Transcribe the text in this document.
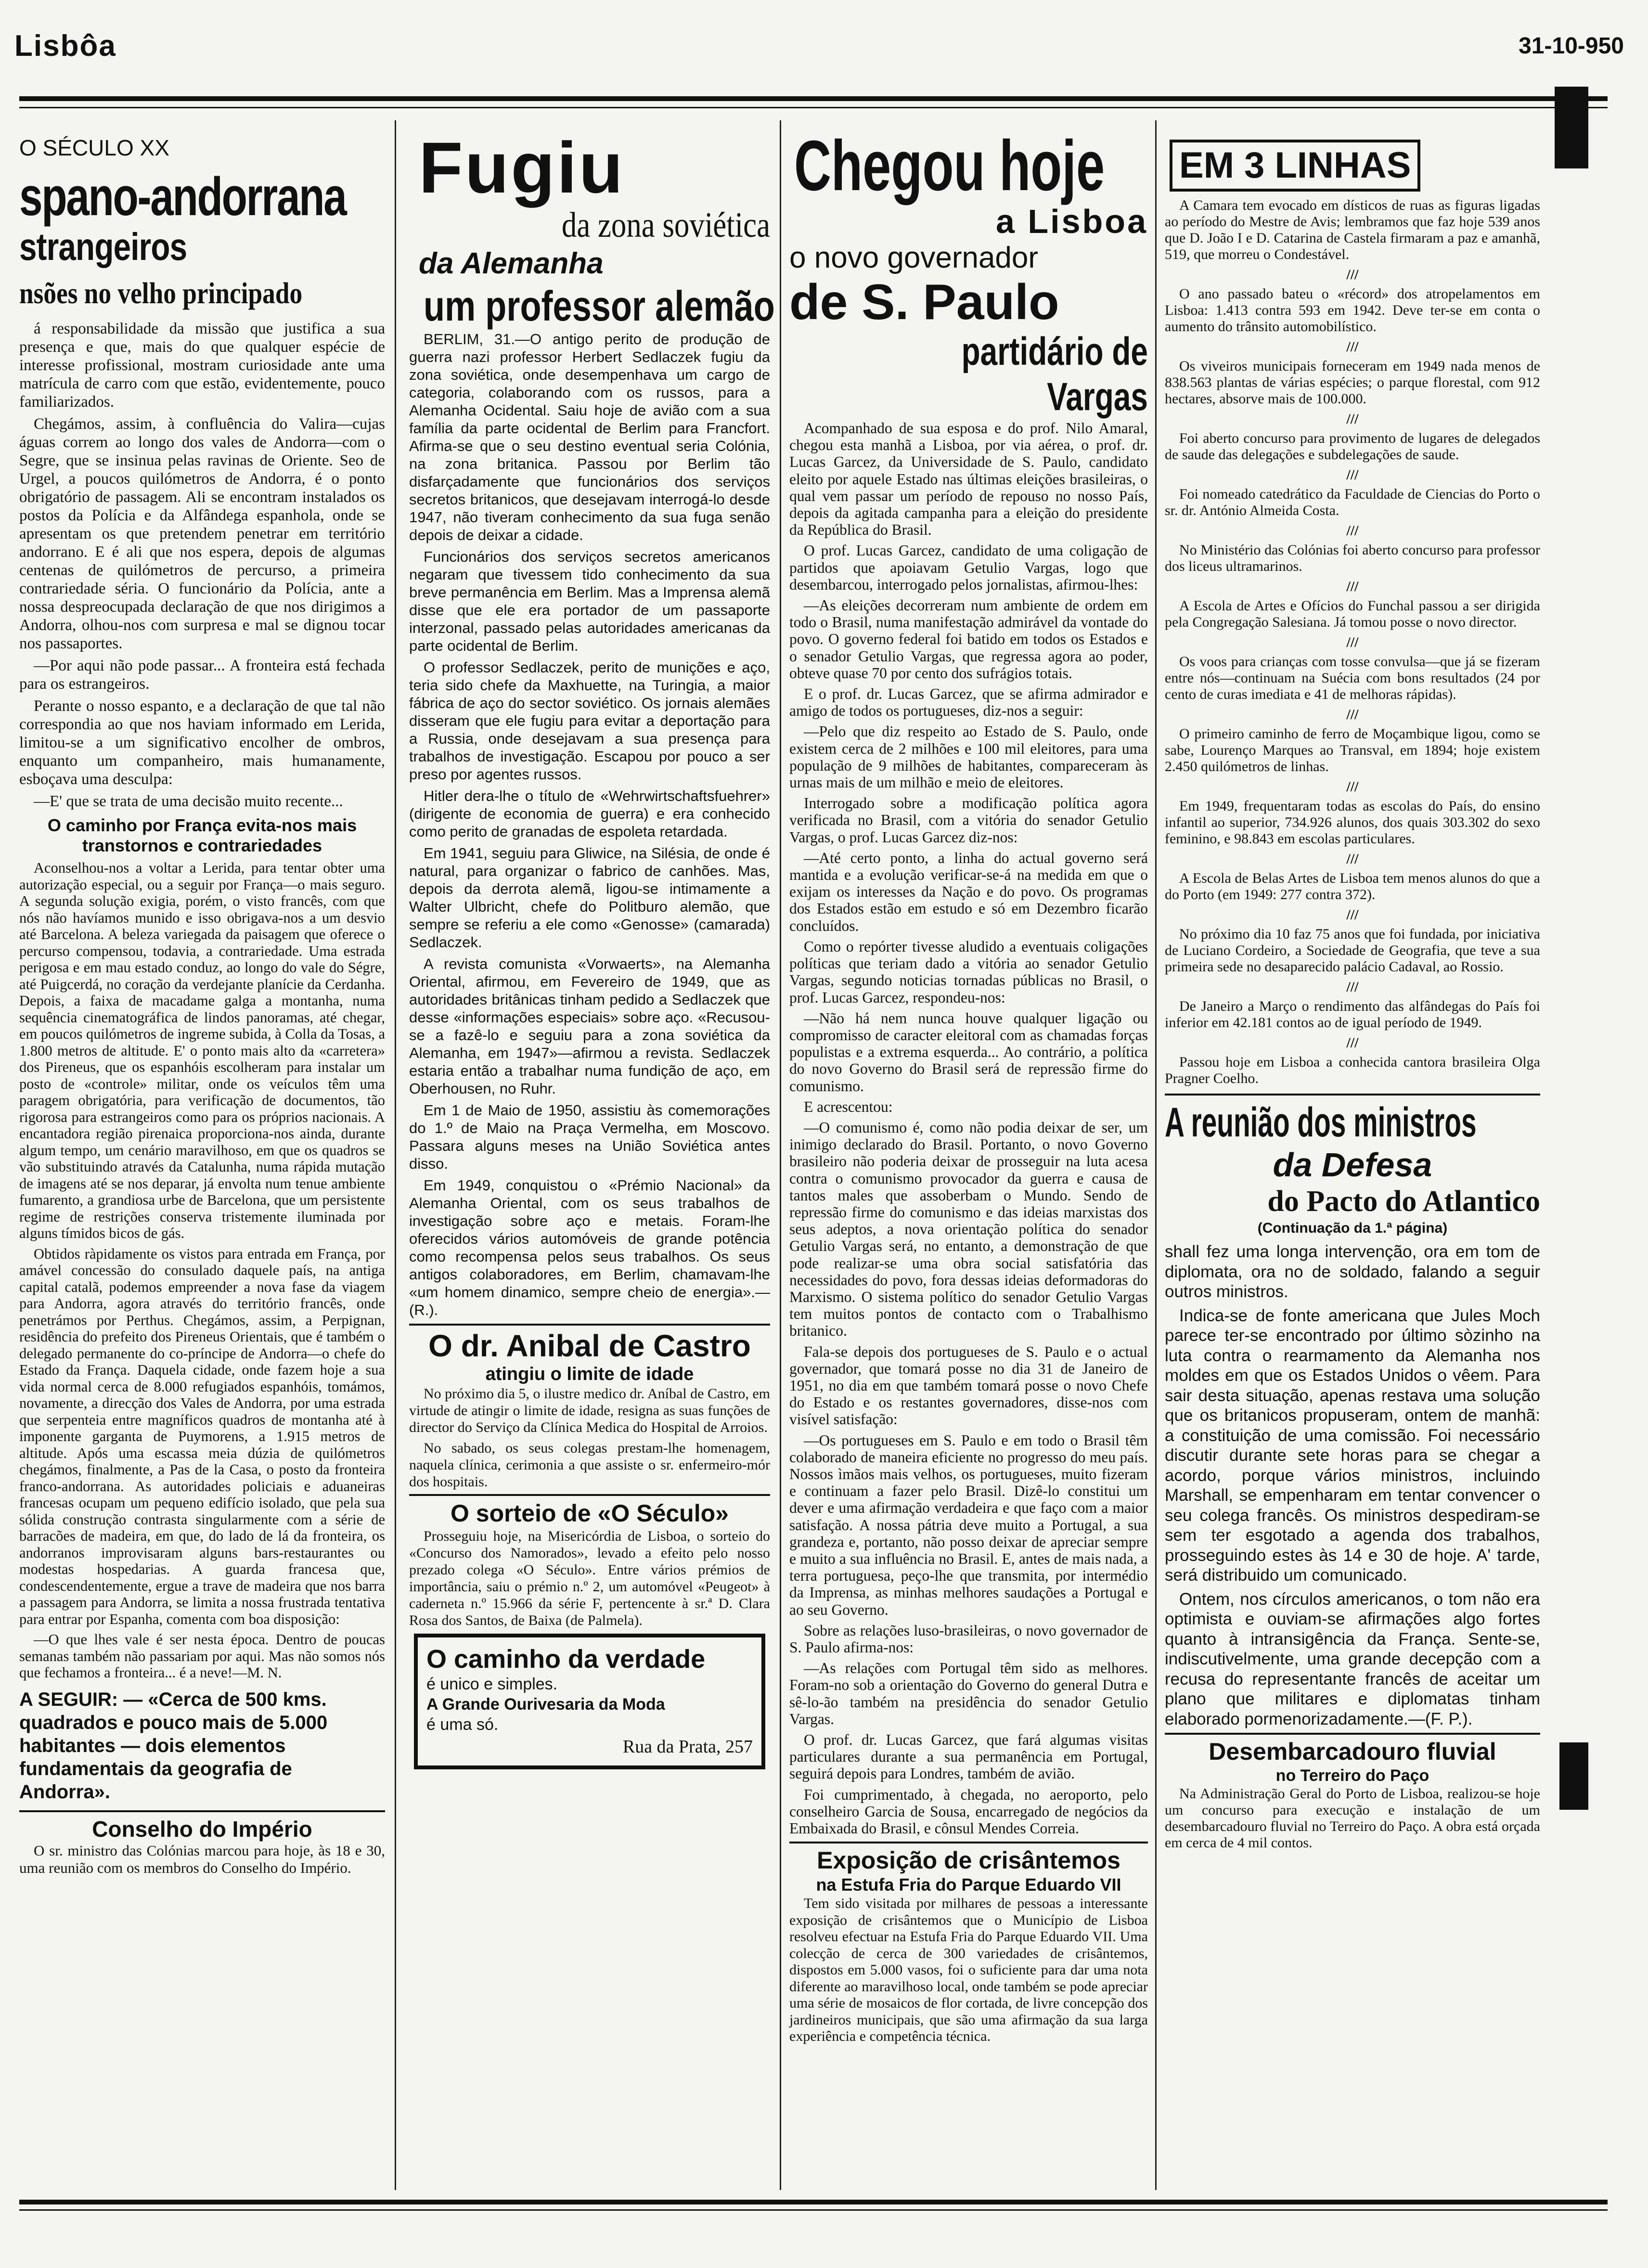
Lisbôa	31-10-950
O SÉCULO XX
spano-andorrana
strangeiros
nsões no velho principado

á responsabilidade da missão que justifica a sua presença e que, mais do que qualquer espécie de interesse profissional, mostram curiosidade ante uma matrícula de carro com que estão, evidentemente, pouco familiarizados.

Chegámos, assim, à confluência do Valira—cujas águas correm ao longo dos vales de Andorra—com o Segre, que se insinua pelas ravinas de Oriente. Seo de Urgel, a poucos quilómetros de Andorra, é o ponto obrigatório de passagem. Ali se encontram instalados os postos da Polícia e da Alfândega espanhola, onde se apresentam os que pretendem penetrar em território andorrano. E é ali que nos espera, depois de algumas centenas de quilómetros de percurso, a primeira contrariedade séria. O funcionário da Polícia, ante a nossa despreocupada declaração de que nos dirigimos a Andorra, olhou-nos com surpresa e mal se dignou tocar nos passaportes.

—Por aqui não pode passar... A fronteira está fechada para os estrangeiros.

Perante o nosso espanto, e a declaração de que tal não correspondia ao que nos haviam informado em Lerida, limitou-se a um significativo encolher de ombros, enquanto um companheiro, mais humanamente, esboçava uma desculpa:

—E' que se trata de uma decisão muito recente...

O caminho por França evita-nos mais transtornos e contrariedades

Aconselhou-nos a voltar a Lerida, para tentar obter uma autorização especial, ou a seguir por França—o mais seguro. A segunda solução exigia, porém, o visto francês, com que nós não havíamos munido e isso obrigava-nos a um desvio até Barcelona. A beleza variegada da paisagem que oferece o percurso compensou, todavia, a contrariedade. Uma estrada perigosa e em mau estado conduz, ao longo do vale do Ségre, até Puigcerdá, no coração da verdejante planície da Cerdanha. Depois, a faixa de macadame galga a montanha, numa sequência cinematográfica de lindos panoramas, até chegar, em poucos quilómetros de ingreme subida, à Colla da Tosas, a 1.800 metros de altitude. E' o ponto mais alto da «carretera» dos Pireneus, que os espanhóis escolheram para instalar um posto de «controle» militar, onde os veículos têm uma paragem obrigatória, para verificação de documentos, tão rigorosa para estrangeiros como para os próprios nacionais. A encantadora região pirenaica proporciona-nos ainda, durante algum tempo, um cenário maravilhoso, em que os quadros se vão substituindo através da Catalunha, numa rápida mutação de imagens até se nos deparar, já envolta num tenue ambiente fumarento, a grandiosa urbe de Barcelona, que um persistente regime de restrições conserva tristemente iluminada por alguns tímidos bicos de gás.

Obtidos ràpidamente os vistos para entrada em França, por amável concessão do consulado daquele país, na antiga capital catalã, podemos empreender a nova fase da viagem para Andorra, agora através do território francês, onde penetrámos por Perthus. Chegámos, assim, a Perpignan, residência do prefeito dos Pireneus Orientais, que é também o delegado permanente do co-príncipe de Andorra—o chefe do Estado da França. Daquela cidade, onde fazem hoje a sua vida normal cerca de 8.000 refugiados espanhóis, tomámos, novamente, a direcção dos Vales de Andorra, por uma estrada que serpenteia entre magníficos quadros de montanha até à imponente garganta de Puymorens, a 1.915 metros de altitude. Após uma escassa meia dúzia de quilómetros chegámos, finalmente, a Pas de la Casa, o posto da fronteira franco-andorrana. As autoridades policiais e aduaneiras francesas ocupam um pequeno edifício isolado, que pela sua sólida construção contrasta singularmente com a série de barracões de madeira, em que, do lado de lá da fronteira, os andorranos improvisaram alguns bars-restaurantes ou modestas hospedarias. A guarda francesa que, condescendentemente, ergue a trave de madeira que nos barra a passagem para Andorra, se limita a nossa frustrada tentativa para entrar por Espanha, comenta com boa disposição:

—O que lhes vale é ser nesta época. Dentro de poucas semanas também não passariam por aqui. Mas não somos nós que fechamos a fronteira... é a neve!—M. N.

A SEGUIR: — «Cerca de 500 kms. quadrados e pouco mais de 5.000 habitantes — dois elementos fundamentais da geografia de Andorra».
Conselho do Império

O sr. ministro das Colónias marcou para hoje, às 18 e 30, uma reunião com os membros do Conselho do Império.

Fugiu
da zona soviética
da Alemanha
um professor alemão

BERLIM, 31.—O antigo perito de produção de guerra nazi professor Herbert Sedlaczek fugiu da zona soviética, onde desempenhava um cargo de categoria, colaborando com os russos, para a Alemanha Ocidental. Saiu hoje de avião com a sua família da parte ocidental de Berlim para Francfort. Afirma-se que o seu destino eventual seria Colónia, na zona britanica. Passou por Berlim tão disfarçadamente que funcionários dos serviços secretos britanicos, que desejavam interrogá-lo desde 1947, não tiveram conhecimento da sua fuga senão depois de deixar a cidade.

Funcionários dos serviços secretos americanos negaram que tivessem tido conhecimento da sua breve permanência em Berlim. Mas a Imprensa alemã disse que ele era portador de um passaporte interzonal, passado pelas autoridades americanas da parte ocidental de Berlim.

O professor Sedlaczek, perito de munições e aço, teria sido chefe da Maxhuette, na Turingia, a maior fábrica de aço do sector soviético. Os jornais alemães disseram que ele fugiu para evitar a deportação para a Russia, onde desejavam a sua presença para trabalhos de investigação. Escapou por pouco a ser preso por agentes russos.

Hitler dera-lhe o título de «Wehrwirtschaftsfuehrer» (dirigente de economia de guerra) e era conhecido como perito de granadas de espoleta retardada.

Em 1941, seguiu para Gliwice, na Silésia, de onde é natural, para organizar o fabrico de canhões. Mas, depois da derrota alemã, ligou-se intimamente a Walter Ulbricht, chefe do Politburo alemão, que sempre se referiu a ele como «Genosse» (camarada) Sedlaczek.

A revista comunista «Vorwaerts», na Alemanha Oriental, afirmou, em Fevereiro de 1949, que as autoridades britânicas tinham pedido a Sedlaczek que desse «informações especiais» sobre aço. «Recusou-se a fazê-lo e seguiu para a zona soviética da Alemanha, em 1947»—afirmou a revista. Sedlaczek estaria então a trabalhar numa fundição de aço, em Oberhousen, no Ruhr.

Em 1 de Maio de 1950, assistiu às comemorações do 1.º de Maio na Praça Vermelha, em Moscovo. Passara alguns meses na União Soviética antes disso.

Em 1949, conquistou o «Prémio Nacional» da Alemanha Oriental, com os seus trabalhos de investigação sobre aço e metais. Foram-lhe oferecidos vários automóveis de grande potência como recompensa pelos seus trabalhos. Os seus antigos colaboradores, em Berlim, chamavam-lhe «um homem dinamico, sempre cheio de energia».—(R.).

O dr. Anibal de Castro
atingiu o limite de idade

No próximo dia 5, o ilustre medico dr. Aníbal de Castro, em virtude de atingir o limite de idade, resigna as suas funções de director do Serviço da Clínica Medica do Hospital de Arroios.

No sabado, os seus colegas prestam-lhe homenagem, naquela clínica, cerimonia a que assiste o sr. enfermeiro-mór dos hospitais.

O sorteio de «O Século»

Prosseguiu hoje, na Misericórdia de Lisboa, o sorteio do «Concurso dos Namorados», levado a efeito pelo nosso prezado colega «O Século». Entre vários prémios de importância, saiu o prémio n.º 2, um automóvel «Peugeot» à caderneta n.º 15.966 da série F, pertencente à sr.ª D. Clara Rosa dos Santos, de Baixa (de Palmela).

O caminho da verdade
é unico e simples.
A Grande Ourivesaria da Moda
é uma só.
Rua da Prata, 257
Chegou hoje
a Lisboa
o novo governador
de S. Paulo
partidário de Vargas

Acompanhado de sua esposa e do prof. Nilo Amaral, chegou esta manhã a Lisboa, por via aérea, o prof. dr. Lucas Garcez, da Universidade de S. Paulo, candidato eleito por aquele Estado nas últimas eleições brasileiras, o qual vem passar um período de repouso no nosso País, depois da agitada campanha para a eleição do presidente da República do Brasil.

O prof. Lucas Garcez, candidato de uma coligação de partidos que apoiavam Getulio Vargas, logo que desembarcou, interrogado pelos jornalistas, afirmou-lhes:

—As eleições decorreram num ambiente de ordem em todo o Brasil, numa manifestação admirável da vontade do povo. O governo federal foi batido em todos os Estados e o senador Getulio Vargas, que regressa agora ao poder, obteve quase 70 por cento dos sufrágios totais.

E o prof. dr. Lucas Garcez, que se afirma admirador e amigo de todos os portugueses, diz-nos a seguir:

—Pelo que diz respeito ao Estado de S. Paulo, onde existem cerca de 2 milhões e 100 mil eleitores, para uma população de 9 milhões de habitantes, compareceram às urnas mais de um milhão e meio de eleitores.

Interrogado sobre a modificação política agora verificada no Brasil, com a vitória do senador Getulio Vargas, o prof. Lucas Garcez diz-nos:

—Até certo ponto, a linha do actual governo será mantida e a evolução verificar-se-á na medida em que o exijam os interesses da Nação e do povo. Os programas dos Estados estão em estudo e só em Dezembro ficarão concluídos.

Como o repórter tivesse aludido a eventuais coligações políticas que teriam dado a vitória ao senador Getulio Vargas, segundo noticias tornadas públicas no Brasil, o prof. Lucas Garcez, respondeu-nos:

—Não há nem nunca houve qualquer ligação ou compromisso de caracter eleitoral com as chamadas forças populistas e a extrema esquerda... Ao contrário, a política do novo Governo do Brasil será de repressão firme do comunismo.

E acrescentou:

—O comunismo é, como não podia deixar de ser, um inimigo declarado do Brasil. Portanto, o novo Governo brasileiro não poderia deixar de prosseguir na luta acesa contra o comunismo provocador da guerra e causa de tantos males que assoberbam o Mundo. Sendo de repressão firme do comunismo e das ideias marxistas dos seus adeptos, a nova orientação política do senador Getulio Vargas será, no entanto, a demonstração de que pode realizar-se uma obra social satisfatória das necessidades do povo, fora dessas ideias deformadoras do Marxismo. O sistema político do senador Getulio Vargas tem muitos pontos de contacto com o Trabalhismo britanico.

Fala-se depois dos portugueses de S. Paulo e o actual governador, que tomará posse no dia 31 de Janeiro de 1951, no dia em que também tomará posse o novo Chefe do Estado e os restantes governadores, disse-nos com visível satisfação:

—Os portugueses em S. Paulo e em todo o Brasil têm colaborado de maneira eficiente no progresso do meu país. Nossos ìmãos mais velhos, os portugueses, muito fizeram e continuam a fazer pelo Brasil. Dizê-lo constitui um dever e uma afirmação verdadeira e que faço com a maior satisfação. A nossa pátria deve muito a Portugal, a sua grandeza e, portanto, não posso deixar de apreciar sempre e muito a sua influência no Brasil. E, antes de mais nada, a terra portuguesa, peço-lhe que transmita, por intermédio da Imprensa, as minhas melhores saudações a Portugal e ao seu Governo.

Sobre as relações luso-brasileiras, o novo governador de S. Paulo afirma-nos:

—As relações com Portugal têm sido as melhores. Foram-no sob a orientação do Governo do general Dutra e sê-lo-ão também na presidência do senador Getulio Vargas.

O prof. dr. Lucas Garcez, que fará algumas visitas particulares durante a sua permanência em Portugal, seguirá depois para Londres, também de avião.

Foi cumprimentado, à chegada, no aeroporto, pelo conselheiro Garcia de Sousa, encarregado de negócios da Embaixada do Brasil, e cônsul Mendes Correia.

Exposição de crisântemos
na Estufa Fria do Parque Eduardo VII

Tem sido visitada por milhares de pessoas a interessante exposição de crisântemos que o Município de Lisboa resolveu efectuar na Estufa Fria do Parque Eduardo VII. Uma colecção de cerca de 300 variedades de crisântemos, dispostos em 5.000 vasos, foi o suficiente para dar uma nota diferente ao maravilhoso local, onde também se pode apreciar uma série de mosaicos de flor cortada, de livre concepção dos jardineiros municipais, que são uma afirmação da sua larga experiência e competência técnica.

EM 3 LINHAS

A Camara tem evocado em dísticos de ruas as figuras ligadas ao período do Mestre de Avis; lembramos que faz hoje 539 anos que D. João I e D. Catarina de Castela firmaram a paz e amanhã, 519, que morreu o Condestável.

///

O ano passado bateu o «récord» dos atropelamentos em Lisboa: 1.413 contra 593 em 1942. Deve ter-se em conta o aumento do trânsito automobilístico.

///

Os viveiros municipais forneceram em 1949 nada menos de 838.563 plantas de várias espécies; o parque florestal, com 912 hectares, absorve mais de 100.000.

///

Foi aberto concurso para provimento de lugares de delegados de saude das delegações e subdelegações de saude.

///

Foi nomeado catedrático da Faculdade de Ciencias do Porto o sr. dr. António Almeida Costa.

///

No Ministério das Colónias foi aberto concurso para professor dos liceus ultramarinos.

///

A Escola de Artes e Ofícios do Funchal passou a ser dirigida pela Congregação Salesiana. Já tomou posse o novo director.

///

Os voos para crianças com tosse convulsa—que já se fizeram entre nós—continuam na Suécia com bons resultados (24 por cento de curas imediata e 41 de melhoras rápidas).

///

O primeiro caminho de ferro de Moçambique ligou, como se sabe, Lourenço Marques ao Transval, em 1894; hoje existem 2.450 quilómetros de linhas.

///

Em 1949, frequentaram todas as escolas do País, do ensino infantil ao superior, 734.926 alunos, dos quais 303.302 do sexo feminino, e 98.843 em escolas particulares.

///

A Escola de Belas Artes de Lisboa tem menos alunos do que a do Porto (em 1949: 277 contra 372).

///

No próximo dia 10 faz 75 anos que foi fundada, por iniciativa de Luciano Cordeiro, a Sociedade de Geografia, que teve a sua primeira sede no desaparecido palácio Cadaval, ao Rossio.

///

De Janeiro a Março o rendimento das alfândegas do País foi inferior em 42.181 contos ao de igual período de 1949.

///

Passou hoje em Lisboa a conhecida cantora brasileira Olga Pragner Coelho.

A reunião dos ministros
da Defesa
do Pacto do Atlantico
(Continuação da 1.ª página)

shall fez uma longa intervenção, ora em tom de diplomata, ora no de soldado, falando a seguir outros ministros.

Indica-se de fonte americana que Jules Moch parece ter-se encontrado por último sòzinho na luta contra o rearmamento da Alemanha nos moldes em que os Estados Unidos o vêem. Para sair desta situação, apenas restava uma solução que os britanicos propuseram, ontem de manhã: a constituição de uma comissão. Foi necessário discutir durante sete horas para se chegar a acordo, porque vários ministros, incluindo Marshall, se empenharam em tentar convencer o seu colega francês. Os ministros despediram-se sem ter esgotado a agenda dos trabalhos, prosseguindo estes às 14 e 30 de hoje. A' tarde, será distribuido um comunicado.

Ontem, nos círculos americanos, o tom não era optimista e ouviam-se afirmações algo fortes quanto à intransigência da França. Sente-se, indiscutivelmente, uma grande decepção com a recusa do representante francês de aceitar um plano que militares e diplomatas tinham elaborado pormenorizadamente.—(F. P.).

Desembarcadouro fluvial
no Terreiro do Paço

Na Administração Geral do Porto de Lisboa, realizou-se hoje um concurso para execução e instalação de um desembarcadouro fluvial no Terreiro do Paço. A obra está orçada em cerca de 4 mil contos.
